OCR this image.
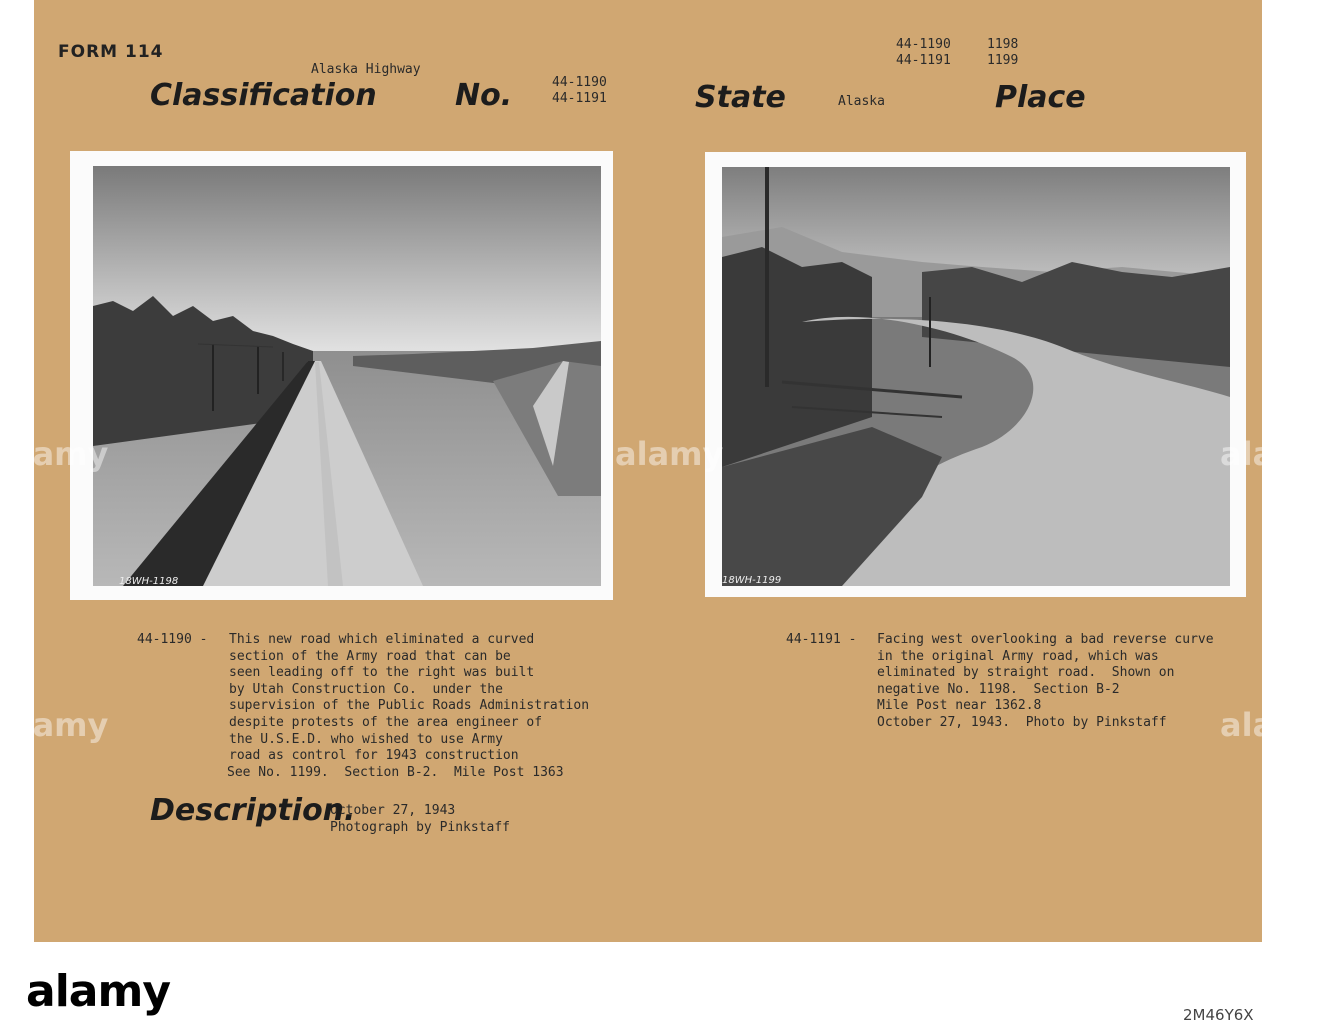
FORM 114
Alaska Highway
Classification	No.	44-1190
44-1191	State	Alaska	Place
44-1190
44-1191
1198
1199
18WH-1198	18WH-1199
alamy	alamy	alamy
alamy	alamy
44-1190 - This new road which eliminated a curved
section of the Army road that can be
seen leading off to the right was built
by Utah Construction Co.  under the
supervision of the Public Roads Administration
despite protests of the area engineer of
the U.S.E.D. who wished to use Army
road as control for 1943 construction
See No. 1199.  Section B-2.  Mile Post 1363
October 27, 1943
Photograph by Pinkstaff
Description.
44-1191 - Facing west overlooking a bad reverse curve
in the original Army road, which was
eliminated by straight road.  Shown on
negative No. 1198.  Section B-2
Mile Post near 1362.8
October 27, 1943.  Photo by Pinkstaff
alamy	2M46Y6X
